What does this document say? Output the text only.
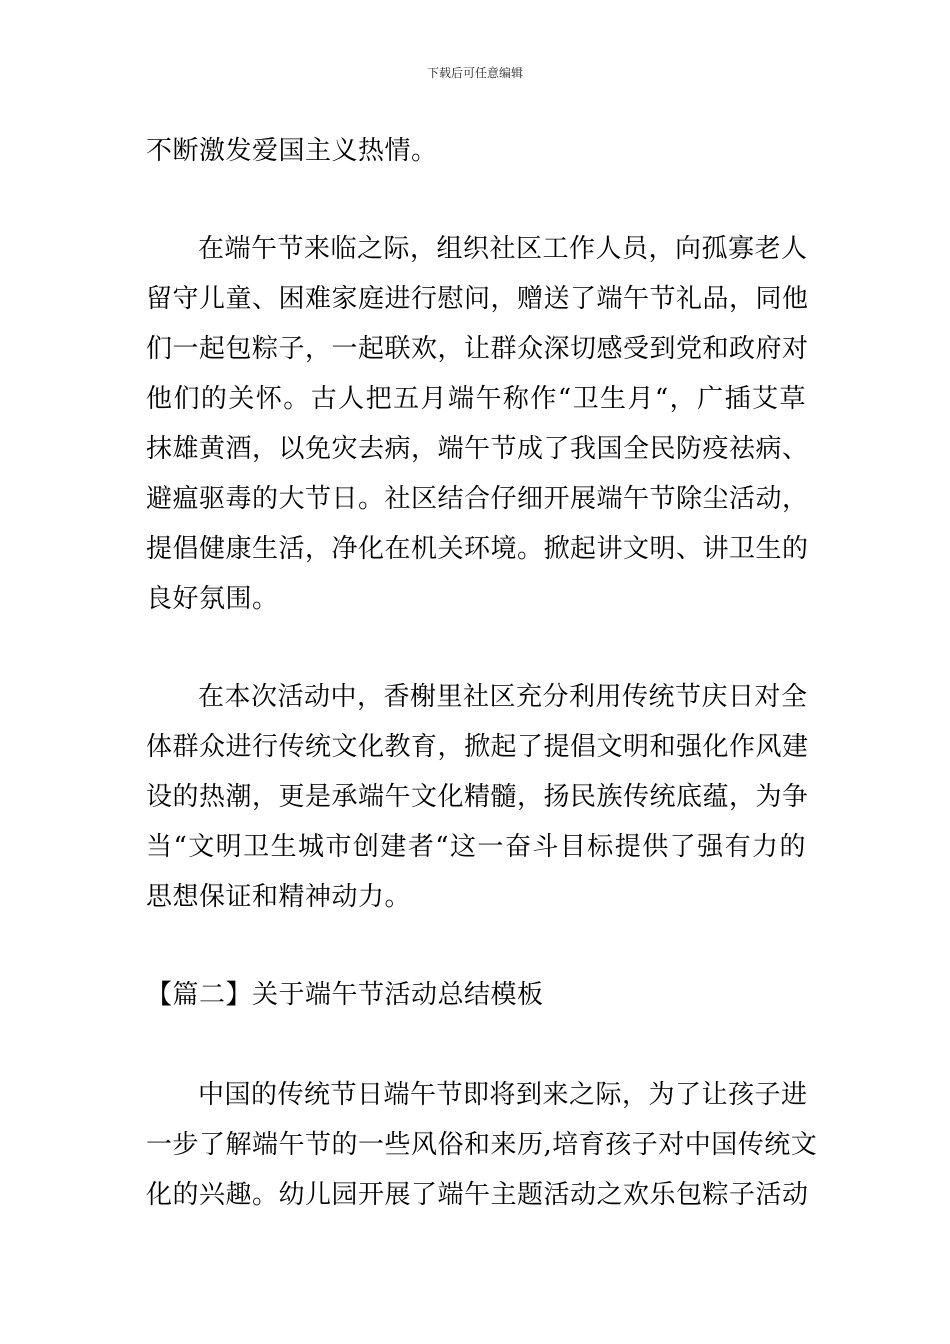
下载后可任意编辑
不断激发爱国主义热情。
在端午节来临之际，组织社区工作人员，向孤寡老人
留守儿童、困难家庭进行慰问，赠送了端午节礼品，同他
们一起包粽子，一起联欢，让群众深切感受到党和政府对
他们的关怀。古人把五月端午称作“卫生月“，广插艾草
抹雄黄酒，以免灾去病，端午节成了我国全民防疫祛病、
避瘟驱毒的大节日。社区结合仔细开展端午节除尘活动，
提倡健康生活，净化在机关环境。掀起讲文明、讲卫生的
良好氛围。
在本次活动中，香榭里社区充分利用传统节庆日对全
体群众进行传统文化教育，掀起了提倡文明和强化作风建
设的热潮，更是承端午文化精髓，扬民族传统底蕴，为争
当“文明卫生城市创建者“这一奋斗目标提供了强有力的
思想保证和精神动力。
【篇二】关于端午节活动总结模板
中国的传统节日端午节即将到来之际，为了让孩子进
一步了解端午节的一些风俗和来历,培育孩子对中国传统文
化的兴趣。幼儿园开展了端午主题活动之欢乐包粽子活动
